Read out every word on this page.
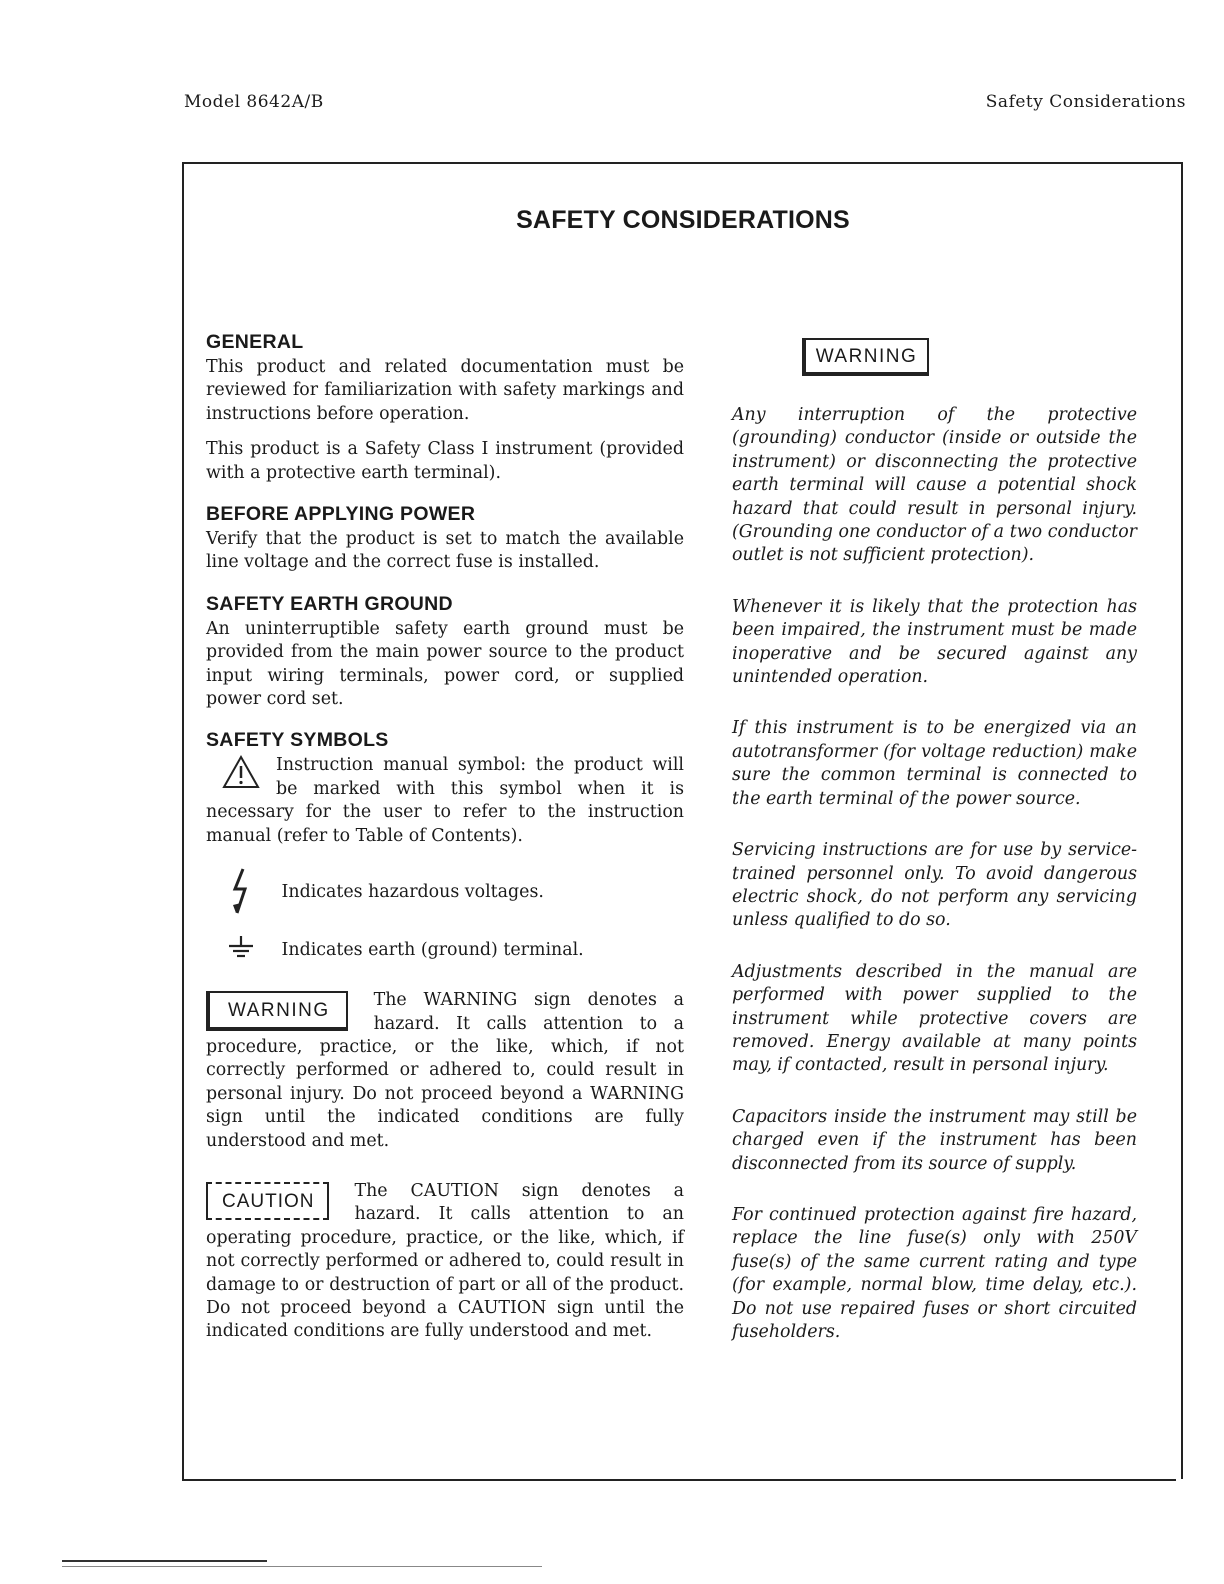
Model 8642A/B	Safety Considerations
SAFETY CONSIDERATIONS
GENERAL

This product and related documentation must be reviewed for familiarization with safety markings and instructions before operation.

This product is a Safety Class I instrument (provided with a protective earth terminal).

BEFORE APPLYING POWER

Verify that the product is set to match the available line voltage and the correct fuse is installed.

SAFETY EARTH GROUND

An uninterruptible safety earth ground must be provided from the main power source to the product input wiring terminals, power cord, or supplied power cord set.

SAFETY SYMBOLS

Instruction manual symbol: the product will be marked with this symbol when it is necessary for the user to refer to the instruction manual (refer to Table of Contents).

Indicates hazardous voltages.
Indicates earth (ground) terminal.
WARNING	The WARNING sign denotes a hazard. It calls attention to a procedure, practice, or the like, which, if not correctly performed or adhered to, could result in personal injury. Do not proceed beyond a WARNING sign until the indicated conditions are fully understood and met.

CAUTION	The CAUTION sign denotes a hazard. It calls attention to an operating procedure, practice, or the like, which, if not correctly performed or adhered to, could result in damage to or destruction of part or all of the product. Do not proceed beyond a CAUTION sign until the indicated conditions are fully understood and met.

WARNING

Any interruption of the protective (grounding) conductor (inside or outside the instrument) or disconnecting the protective earth terminal will cause a potential shock hazard that could result in personal injury. (Grounding one conductor of a two conductor outlet is not sufficient protection).

Whenever it is likely that the protection has been impaired, the instrument must be made inoperative and be secured against any unintended operation.

If this instrument is to be energized via an autotransformer (for voltage reduction) make sure the common terminal is connected to the earth terminal of the power source.

Servicing instructions are for use by service-trained personnel only. To avoid dangerous electric shock, do not perform any servicing unless qualified to do so.

Adjustments described in the manual are performed with power supplied to the instrument while protective covers are removed. Energy available at many points may, if contacted, result in personal injury.

Capacitors inside the instrument may still be charged even if the instrument has been disconnected from its source of supply.

For continued protection against fire hazard, replace the line fuse(s) only with 250V fuse(s) of the same current rating and type (for example, normal blow, time delay, etc.). Do not use repaired fuses or short circuited fuseholders.
